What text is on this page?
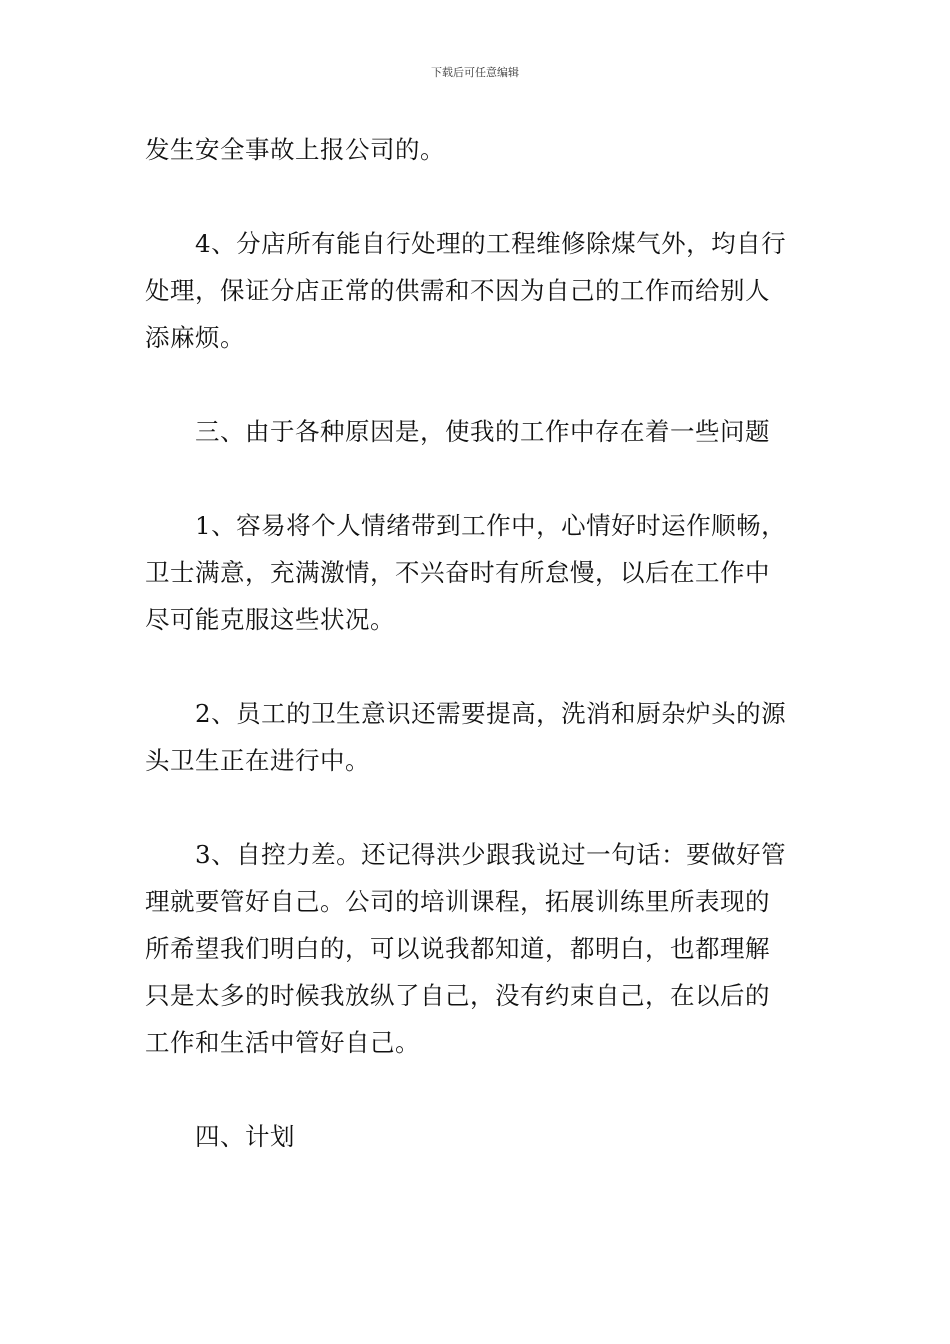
下载后可任意编辑

发生安全事故上报公司的。

4、分店所有能自行处理的工程维修除煤气外，均自行
处理，保证分店正常的供需和不因为自己的工作而给别人
添麻烦。

三、由于各种原因是，使我的工作中存在着一些问题

1、容易将个人情绪带到工作中，心情好时运作顺畅，
卫士满意，充满激情，不兴奋时有所怠慢，以后在工作中
尽可能克服这些状况。

2、员工的卫生意识还需要提高，洗消和厨杂炉头的源
头卫生正在进行中。

3、自控力差。还记得洪少跟我说过一句话：要做好管
理就要管好自己。公司的培训课程，拓展训练里所表现的
所希望我们明白的，可以说我都知道，都明白，也都理解
只是太多的时候我放纵了自己，没有约束自己，在以后的
工作和生活中管好自己。

四、计划
